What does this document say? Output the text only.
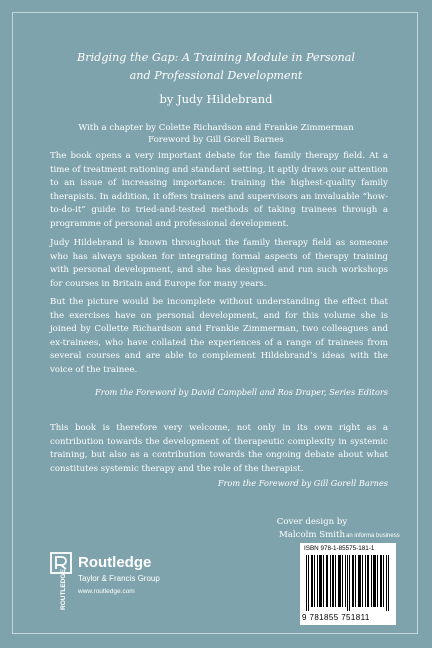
Bridging the Gap: A Training Module in Personal
and Professional Development
by Judy Hildebrand
With a chapter by Colette Richardson and Frankie Zimmerman
Foreword by Gill Gorell Barnes

The book opens a very important debate for the family therapy field. At a time of treatment rationing and standard setting, it aptly draws our attention to an issue of increasing importance: training the highest-quality family therapists. In addition, it offers trainers and supervisors an invaluable “how-to-do-it” guide to tried-and-tested methods of taking trainees through a programme of personal and professional development.

Judy Hildebrand is known throughout the family therapy field as someone who has always spoken for integrating formal aspects of therapy training with personal development, and she has designed and run such workshops for courses in Britain and Europe for many years.

But the picture would be incomplete without understanding the effect that the exercises have on personal development, and for this volume she is joined by Collette Richardson and Frankie Zimmerman, two colleagues and ex-trainees, who have collated the experiences of a range of trainees from several courses and are able to complement Hildebrand’s ideas with the voice of the trainee.

From the Foreword by David Campbell and Ros Draper, Series Editors

This book is therefore very welcome, not only in its own right as a contribution towards the development of therapeutic complexity in systemic training, but also as a contribution towards the ongoing debate about what constitutes systemic therapy and the role of the therapist.

From the Foreword by Gill Gorell Barnes
Cover design by
Malcolm Smith
ROUTLEDGE
Routledge
Taylor & Francis Group
www.routledge.com
an informa business
ISBN 978-1-85575-181-1
9 781855 751811
